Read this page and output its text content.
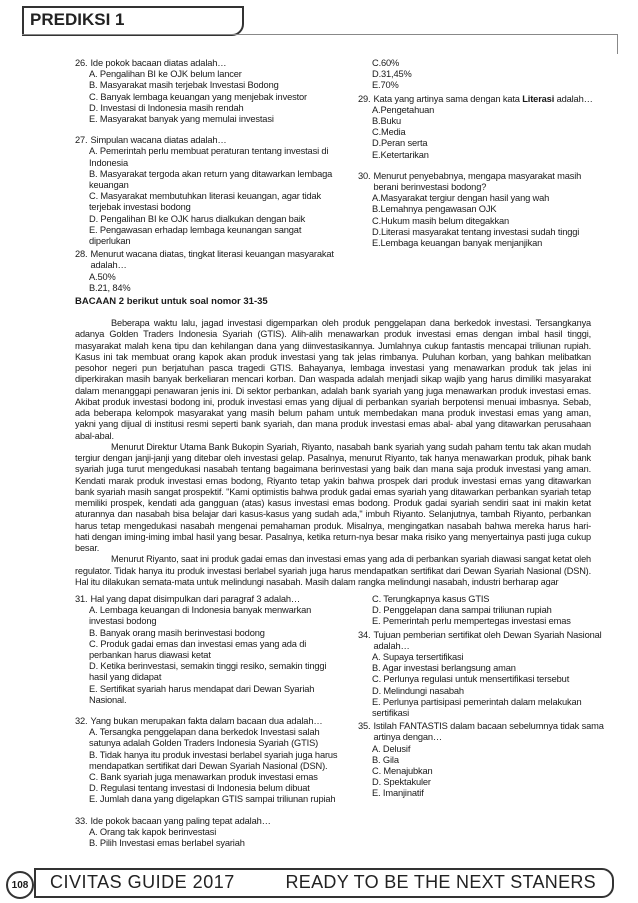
PREDIKSI 1
26. Ide pokok bacaan diatas adalah…
A. Pengalihan BI ke OJK belum lancer
B. Masyarakat masih terjebak Investasi Bodong
C. Banyak lembaga keuangan yang menjebak investor
D. Investasi di Indonesia masih rendah
E. Masyarakat banyak yang memulai investasi
27. Simpulan wacana diatas adalah…
A. Pemerintah perlu membuat peraturan tentang investasi di Indonesia
B. Masyarakat tergoda akan return yang ditawarkan lembaga keuangan
C. Masyarakat membutuhkan literasi keuangan, agar tidak terjebak investasi bodong
D. Pengalihan BI ke OJK harus dialkukan dengan baik
E. Pengawasan erhadap lembaga keunangan sangat diperlukan
28. Menurut wacana diatas, tingkat literasi keuangan masyarakat adalah…
A.50%
B.21, 84%
C.60%
D.31,45%
E.70%
29. Kata yang artinya sama dengan kata Literasi adalah…
A.Pengetahuan
B.Buku
C.Media
D.Peran serta
E.Ketertarikan
30. Menurut penyebabnya, mengapa masyarakat masih berani berinvestasi bodong?
A.Masyarakat tergiur dengan hasil yang wah
B.Lemahnya pengawasan OJK
C.Hukum masih belum ditegakkan
D.Literasi masyarakat tentang investasi sudah tinggi
E.Lembaga keuangan banyak menjanjikan
BACAAN 2 berikut untuk soal nomor 31-35

Beberapa waktu lalu, jagad investasi digemparkan oleh produk penggelapan dana berkedok investasi. Tersangkanya adanya Golden Traders Indonesia Syariah (GTIS). Alih-alih menawarkan produk investasi emas dengan imbal hasil tinggi, masyarakat malah kena tipu dan kehilangan dana yang diinvestasikannya. Jumlahnya cukup fantastis mencapai triliunan rupiah. Kasus ini tak membuat orang kapok akan produk investasi yang tak jelas rimbanya. Puluhan korban, yang bahkan melibatkan pesohor negeri pun berjatuhan pasca tragedi GTIS. Bahayanya, lembaga investasi yang menawarkan produk tak jelas ini diperkirakan masih banyak berkeliaran mencari korban. Dan waspada adalah menjadi sikap wajib yang harus dimiliki masyarakat dalam menanggapi penawaran jenis ini. Di sektor perbankan, adalah bank syariah yang juga menawarkan produk investasi emas. Akibat produk investasi bodong ini, produk investasi emas yang dijual di perbankan syariah berpotensi menuai imbasnya. Sebab, ada beberapa kelompok masyarakat yang masih belum paham untuk membedakan mana produk investasi emas yang aman, yakni yang dijual di institusi resmi seperti bank syariah, dan mana produk investasi emas abal- abal yang ditawarkan perusahaan abal-abal.

Menurut Direktur Utama Bank Bukopin Syariah, Riyanto, nasabah bank syariah yang sudah paham tentu tak akan mudah tergiur dengan janji-janji yang ditebar oleh investasi gelap. Pasalnya, menurut Riyanto, tak hanya menawarkan produk, pihak bank syariah juga turut mengedukasi nasabah tentang bagaimana berinvestasi yang baik dan mana saja produk investasi yang aman. Kendati marak produk investasi emas bodong, Riyanto tetap yakin bahwa prospek dari produk investasi emas yang ditawarkan bank syariah masih sangat prospektif. "Kami optimistis bahwa produk gadai emas syariah yang ditawarkan perbankan syariah tetap memiliki prospek, kendati ada gangguan (atas) kasus investasi emas bodong. Produk gadai syariah sendiri saat ini makin ketat aturannya dan nasabah bisa belajar dari kasus-kasus yang sudah ada," imbuh Riyanto. Selanjutnya, tambah Riyanto, perbankan harus tetap mengedukasi nasabah mengenai pemahaman produk. Misalnya, mengingatkan nasabah bahwa mereka harus hari-hati dengan iming-iming imbal hasil yang besar. Pasalnya, ketika return-nya besar maka risiko yang menyertainya pasti juga cukup besar.

Menurut Riyanto, saat ini produk gadai emas dan investasi emas yang ada di perbankan syariah diawasi sangat ketat oleh regulator. Tidak hanya itu produk investasi berlabel syariah juga harus mendapatkan sertifikat dari Dewan Syariah Nasional (DSN). Hal itu dilakukan semata-mata untuk melindungi nasabah. Masih dalam rangka melindungi nasabah, industri berharap agar

31. Hal yang dapat disimpulkan dari paragraf 3 adalah…
A. Lembaga keuangan di Indonesia banyak menwarkan investasi bodong
B. Banyak orang masih berinvestasi bodong
C. Produk gadai emas dan investasi emas yang ada di perbankan harus diawasi ketat
D. Ketika berinvestasi, semakin tinggi resiko, semakin tinggi hasil yang didapat
E. Sertifikat syariah harus mendapat dari Dewan Syariah Nasional.
32. Yang bukan merupakan fakta dalam bacaan dua adalah…
A. Tersangka penggelapan dana berkedok Investasi salah satunya adalah Golden Traders Indonesia Syariah (GTIS)
B. Tidak hanya itu produk investasi berlabel syariah juga harus mendapatkan sertifikat dari Dewan Syariah Nasional (DSN).
C. Bank syariah juga menawarkan produk investasi emas
D. Regulasi tentang investasi di Indonesia belum dibuat
E. Jumlah dana yang digelapkan GTIS sampai triliunan rupiah
33. Ide pokok bacaan yang paling tepat adalah…
A. Orang tak kapok berinvestasi
B. Pilih Investasi emas berlabel syariah
C. Terungkapnya kasus GTIS
D. Penggelapan dana sampai triliunan rupiah
E. Pemerintah perlu mempertegas investasi emas
34. Tujuan pemberian sertifikat oleh Dewan Syariah Nasional adalah…
A. Supaya tersertifikasi
B. Agar investasi berlangsung aman
C. Perlunya regulasi untuk mensertifikasi tersebut
D. Melindungi nasabah
E. Perlunya partisipasi pemerintah dalam melakukan sertifikasi
35. Istilah FANTASTIS dalam bacaan sebelumnya tidak sama artinya dengan…
A. Delusif
B. Gila
C. Menajubkan
D. Spektakuler
E. Imanjinatif
108	CIVITAS GUIDE 2017	READY TO BE THE NEXT STANERS
